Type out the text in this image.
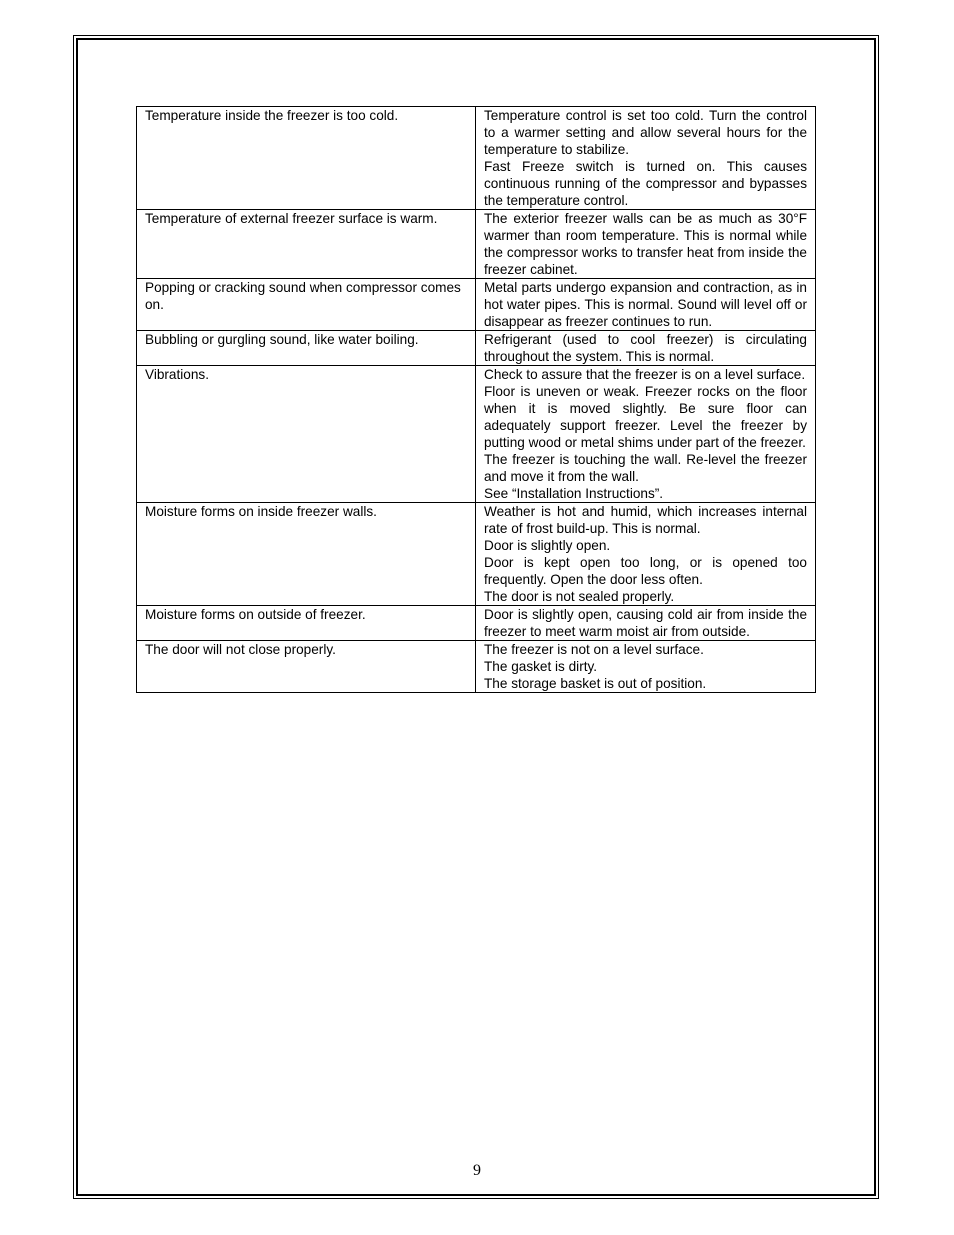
Temperature inside the freezer is too cold.	Temperature control is set too cold. Turn the control to a warmer setting and allow several hours for the temperature to stabilize.

Fast Freeze switch is turned on. This causes continuous running of the compressor and bypasses the temperature control.

Temperature of external freezer surface is warm.	The exterior freezer walls can be as much as 30°F warmer than room temperature. This is normal while the compressor works to transfer heat from inside the freezer cabinet.

Popping or cracking sound when compressor comes on.	Metal parts undergo expansion and contraction, as in hot water pipes. This is normal. Sound will level off or disappear as freezer continues to run.

Bubbling or gurgling sound, like water boiling.	Refrigerant (used to cool freezer) is circulating throughout the system. This is normal.

Vibrations.	Check to assure that the freezer is on a level surface.

Floor is uneven or weak. Freezer rocks on the floor when it is moved slightly. Be sure floor can adequately support freezer. Level the freezer by putting wood or metal shims under part of the freezer.

The freezer is touching the wall. Re-level the freezer and move it from the wall.

See “Installation Instructions”.

Moisture forms on inside freezer walls.	Weather is hot and humid, which increases internal rate of frost build-up. This is normal.

Door is slightly open.

Door is kept open too long, or is opened too frequently. Open the door less often.

The door is not sealed properly.

Moisture forms on outside of freezer.	Door is slightly open, causing cold air from inside the freezer to meet warm moist air from outside.

The door will not close properly.	The freezer is not on a level surface.

The gasket is dirty.

The storage basket is out of position.

9
